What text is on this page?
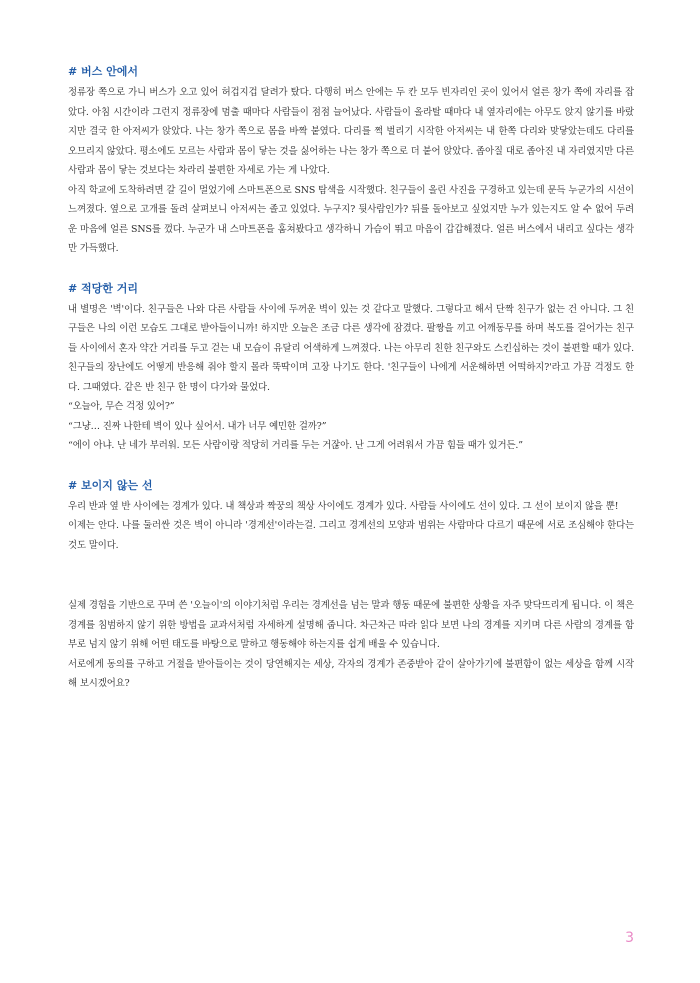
# 버스 안에서

정류장 쪽으로 가니 버스가 오고 있어 허겁지겁 달려가 탔다. 다행히 버스 안에는 두 칸 모두 빈자리인 곳이 있어서 얼른 창가 쪽에 자리를 잡았다. 아침 시간이라 그런지 정류장에 멈출 때마다 사람들이 점점 늘어났다. 사람들이 올라탈 때마다 내 옆자리에는 아무도 앉지 않기를 바랐지만 결국 한 아저씨가 앉았다. 나는 창가 쪽으로 몸을 바짝 붙였다. 다리를 쩍 벌리기 시작한 아저씨는 내 한쪽 다리와 맞닿았는데도 다리를 오므리지 않았다. 평소에도 모르는 사람과 몸이 닿는 것을 싫어하는 나는 창가 쪽으로 더 붙어 앉았다. 좁아질 대로 좁아진 내 자리였지만 다른 사람과 몸이 닿는 것보다는 차라리 불편한 자세로 가는 게 나았다.

아직 학교에 도착하려면 갈 길이 멀었기에 스마트폰으로 SNS 탐색을 시작했다. 친구들이 올린 사진을 구경하고 있는데 문득 누군가의 시선이 느껴졌다. 옆으로 고개를 돌려 살펴보니 아저씨는 졸고 있었다. 누구지? 뒷사람인가? 뒤를 돌아보고 싶었지만 누가 있는지도 알 수 없어 두려운 마음에 얼른 SNS를 껐다. 누군가 내 스마트폰을 훔쳐봤다고 생각하니 가슴이 뛰고 마음이 갑갑해졌다. 얼른 버스에서 내리고 싶다는 생각만 가득했다.

# 적당한 거리

내 별명은 '벽'이다. 친구들은 나와 다른 사람들 사이에 두꺼운 벽이 있는 것 같다고 말했다. 그렇다고 해서 단짝 친구가 없는 건 아니다. 그 친구들은 나의 이런 모습도 그대로 받아들이니까! 하지만 오늘은 조금 다른 생각에 잠겼다. 팔짱을 끼고 어깨동무를 하며 복도를 걸어가는 친구들 사이에서 혼자 약간 거리를 두고 걷는 내 모습이 유달리 어색하게 느껴졌다. 나는 아무리 친한 친구와도 스킨십하는 것이 불편할 때가 있다. 친구들의 장난에도 어떻게 반응해 줘야 할지 몰라 뚝딱이며 고장 나기도 한다. '친구들이 나에게 서운해하면 어떡하지?'라고 가끔 걱정도 한다. 그때였다. 같은 반 친구 한 명이 다가와 물었다.

“오늘아, 무슨 걱정 있어?”

“그냥… 진짜 나한테 벽이 있나 싶어서. 내가 너무 예민한 걸까?”

“에이 아냐. 난 네가 부러워. 모든 사람이랑 적당히 거리를 두는 거잖아. 난 그게 어려워서 가끔 힘들 때가 있거든.”

# 보이지 않는 선

우리 반과 옆 반 사이에는 경계가 있다. 내 책상과 짝꿍의 책상 사이에도 경계가 있다. 사람들 사이에도 선이 있다. 그 선이 보이지 않을 뿐!

이제는 안다. 나를 둘러싼 것은 벽이 아니라 '경계선'이라는걸. 그리고 경계선의 모양과 범위는 사람마다 다르기 때문에 서로 조심해야 한다는 것도 말이다.

실제 경험을 기반으로 꾸며 쓴 '오늘이'의 이야기처럼 우리는 경계선을 넘는 말과 행동 때문에 불편한 상황을 자주 맞닥뜨리게 됩니다. 이 책은 경계를 침범하지 않기 위한 방법을 교과서처럼 자세하게 설명해 줍니다. 차근차근 따라 읽다 보면 나의 경계를 지키며 다른 사람의 경계를 함부로 넘지 않기 위해 어떤 태도를 바탕으로 말하고 행동해야 하는지를 쉽게 배울 수 있습니다.

서로에게 동의를 구하고 거절을 받아들이는 것이 당연해지는 세상, 각자의 경계가 존중받아 같이 살아가기에 불편함이 없는 세상을 함께 시작해 보시겠어요?

3
